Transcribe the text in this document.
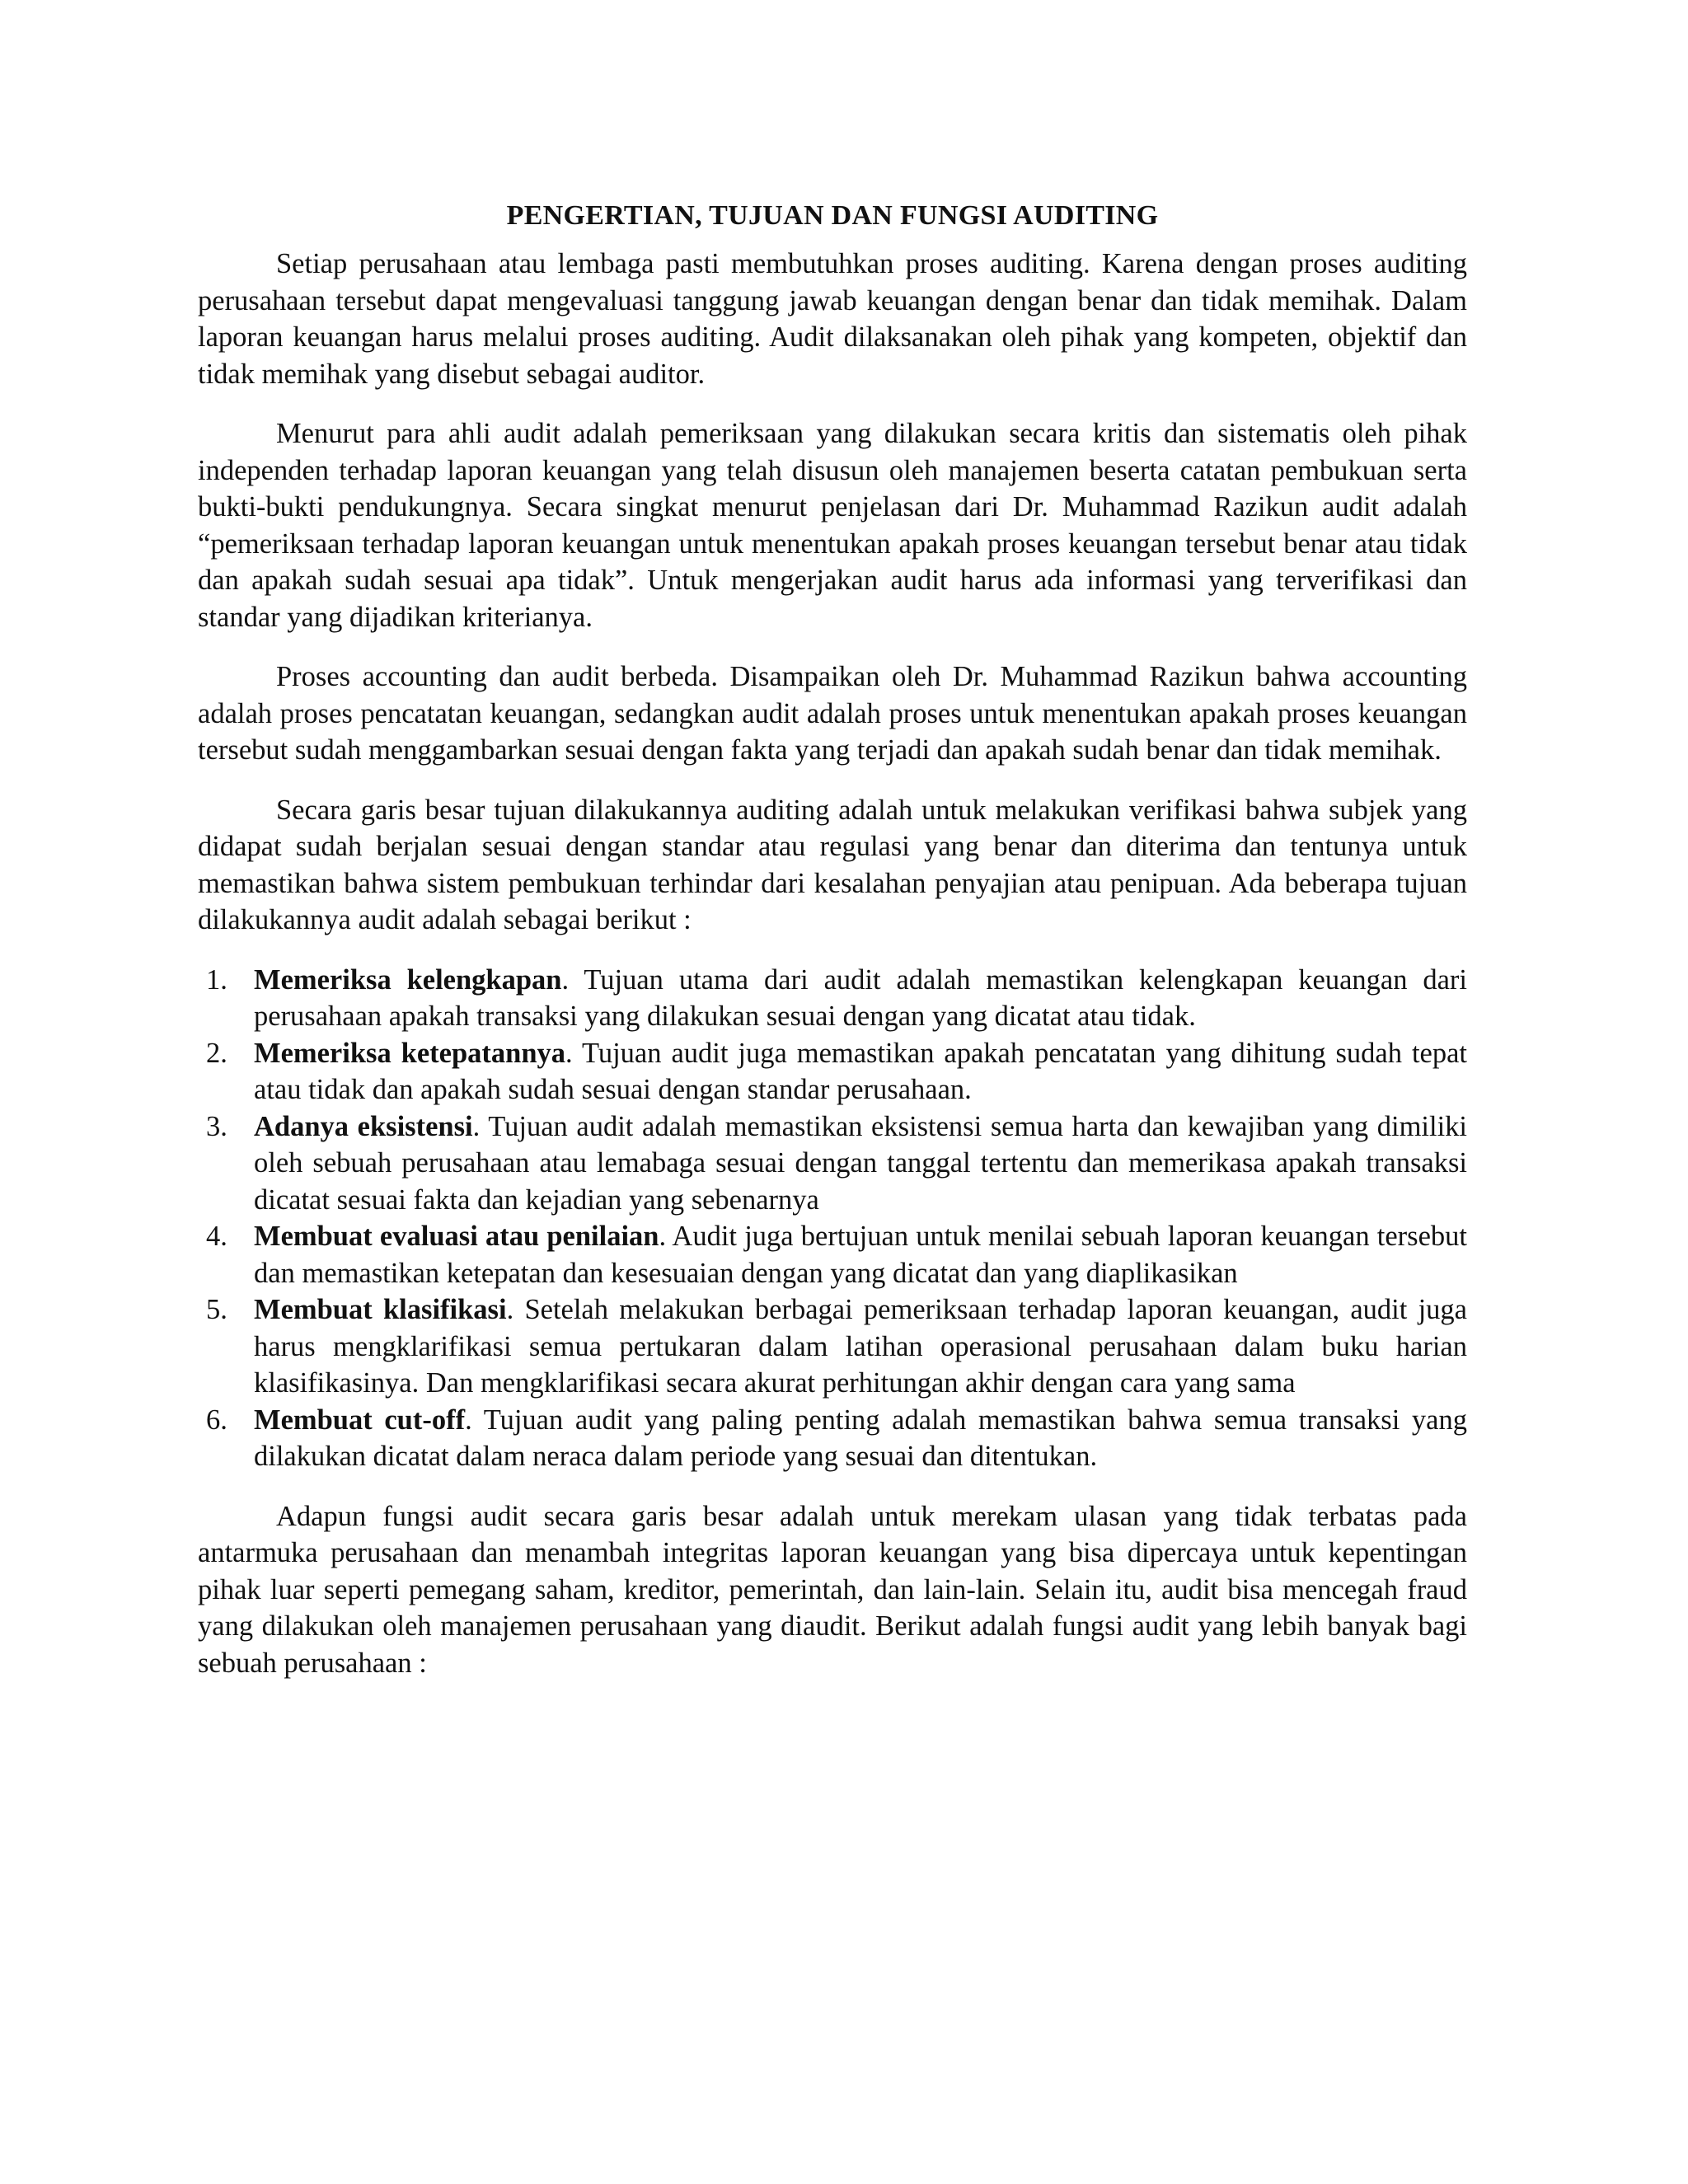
PENGERTIAN, TUJUAN DAN FUNGSI AUDITING

Setiap perusahaan atau lembaga pasti membutuhkan proses auditing. Karena dengan proses auditing perusahaan tersebut dapat mengevaluasi tanggung jawab keuangan dengan benar dan tidak memihak. Dalam laporan keuangan harus melalui proses auditing. Audit dilaksanakan oleh pihak yang kompeten, objektif dan tidak memihak yang disebut sebagai auditor.

Menurut para ahli audit adalah pemeriksaan yang dilakukan secara kritis dan sistematis oleh pihak independen terhadap laporan keuangan yang telah disusun oleh manajemen beserta catatan pembukuan serta bukti-bukti pendukungnya. Secara singkat menurut penjelasan dari Dr. Muhammad Razikun audit adalah “pemeriksaan terhadap laporan keuangan untuk menentukan apakah proses keuangan tersebut benar atau tidak dan apakah sudah sesuai apa tidak”. Untuk mengerjakan audit harus ada informasi yang terverifikasi dan standar yang dijadikan kriterianya.

Proses accounting dan audit berbeda. Disampaikan oleh Dr. Muhammad Razikun bahwa accounting adalah proses pencatatan keuangan, sedangkan audit adalah proses untuk menentukan apakah proses keuangan tersebut sudah menggambarkan sesuai dengan fakta yang terjadi dan apakah sudah benar dan tidak memihak.

Secara garis besar tujuan dilakukannya auditing adalah untuk melakukan verifikasi bahwa subjek yang didapat sudah berjalan sesuai dengan standar atau regulasi yang benar dan diterima dan tentunya untuk memastikan bahwa sistem pembukuan terhindar dari kesalahan penyajian atau penipuan. Ada beberapa tujuan dilakukannya audit adalah sebagai berikut :

1. Memeriksa kelengkapan. Tujuan utama dari audit adalah memastikan kelengkapan keuangan dari perusahaan apakah transaksi yang dilakukan sesuai dengan yang dicatat atau tidak.
2. Memeriksa ketepatannya. Tujuan audit juga memastikan apakah pencatatan yang dihitung sudah tepat atau tidak dan apakah sudah sesuai dengan standar perusahaan.
3. Adanya eksistensi. Tujuan audit adalah memastikan eksistensi semua harta dan kewajiban yang dimiliki oleh sebuah perusahaan atau lemabaga sesuai dengan tanggal tertentu dan memerikasa apakah transaksi dicatat sesuai fakta dan kejadian yang sebenarnya
4. Membuat evaluasi atau penilaian. Audit juga bertujuan untuk menilai sebuah laporan keuangan tersebut dan memastikan ketepatan dan kesesuaian dengan yang dicatat dan yang diaplikasikan
5. Membuat klasifikasi. Setelah melakukan berbagai pemeriksaan terhadap laporan keuangan, audit juga harus mengklarifikasi semua pertukaran dalam latihan operasional perusahaan dalam buku harian klasifikasinya. Dan mengklarifikasi secara akurat perhitungan akhir dengan cara yang sama
6. Membuat cut-off. Tujuan audit yang paling penting adalah memastikan bahwa semua transaksi yang dilakukan dicatat dalam neraca dalam periode yang sesuai dan ditentukan.

Adapun fungsi audit secara garis besar adalah untuk merekam ulasan yang tidak terbatas pada antarmuka perusahaan dan menambah integritas laporan keuangan yang bisa dipercaya untuk kepentingan pihak luar seperti pemegang saham, kreditor, pemerintah, dan lain-lain. Selain itu, audit bisa mencegah fraud yang dilakukan oleh manajemen perusahaan yang diaudit. Berikut adalah fungsi audit yang lebih banyak bagi sebuah perusahaan :
